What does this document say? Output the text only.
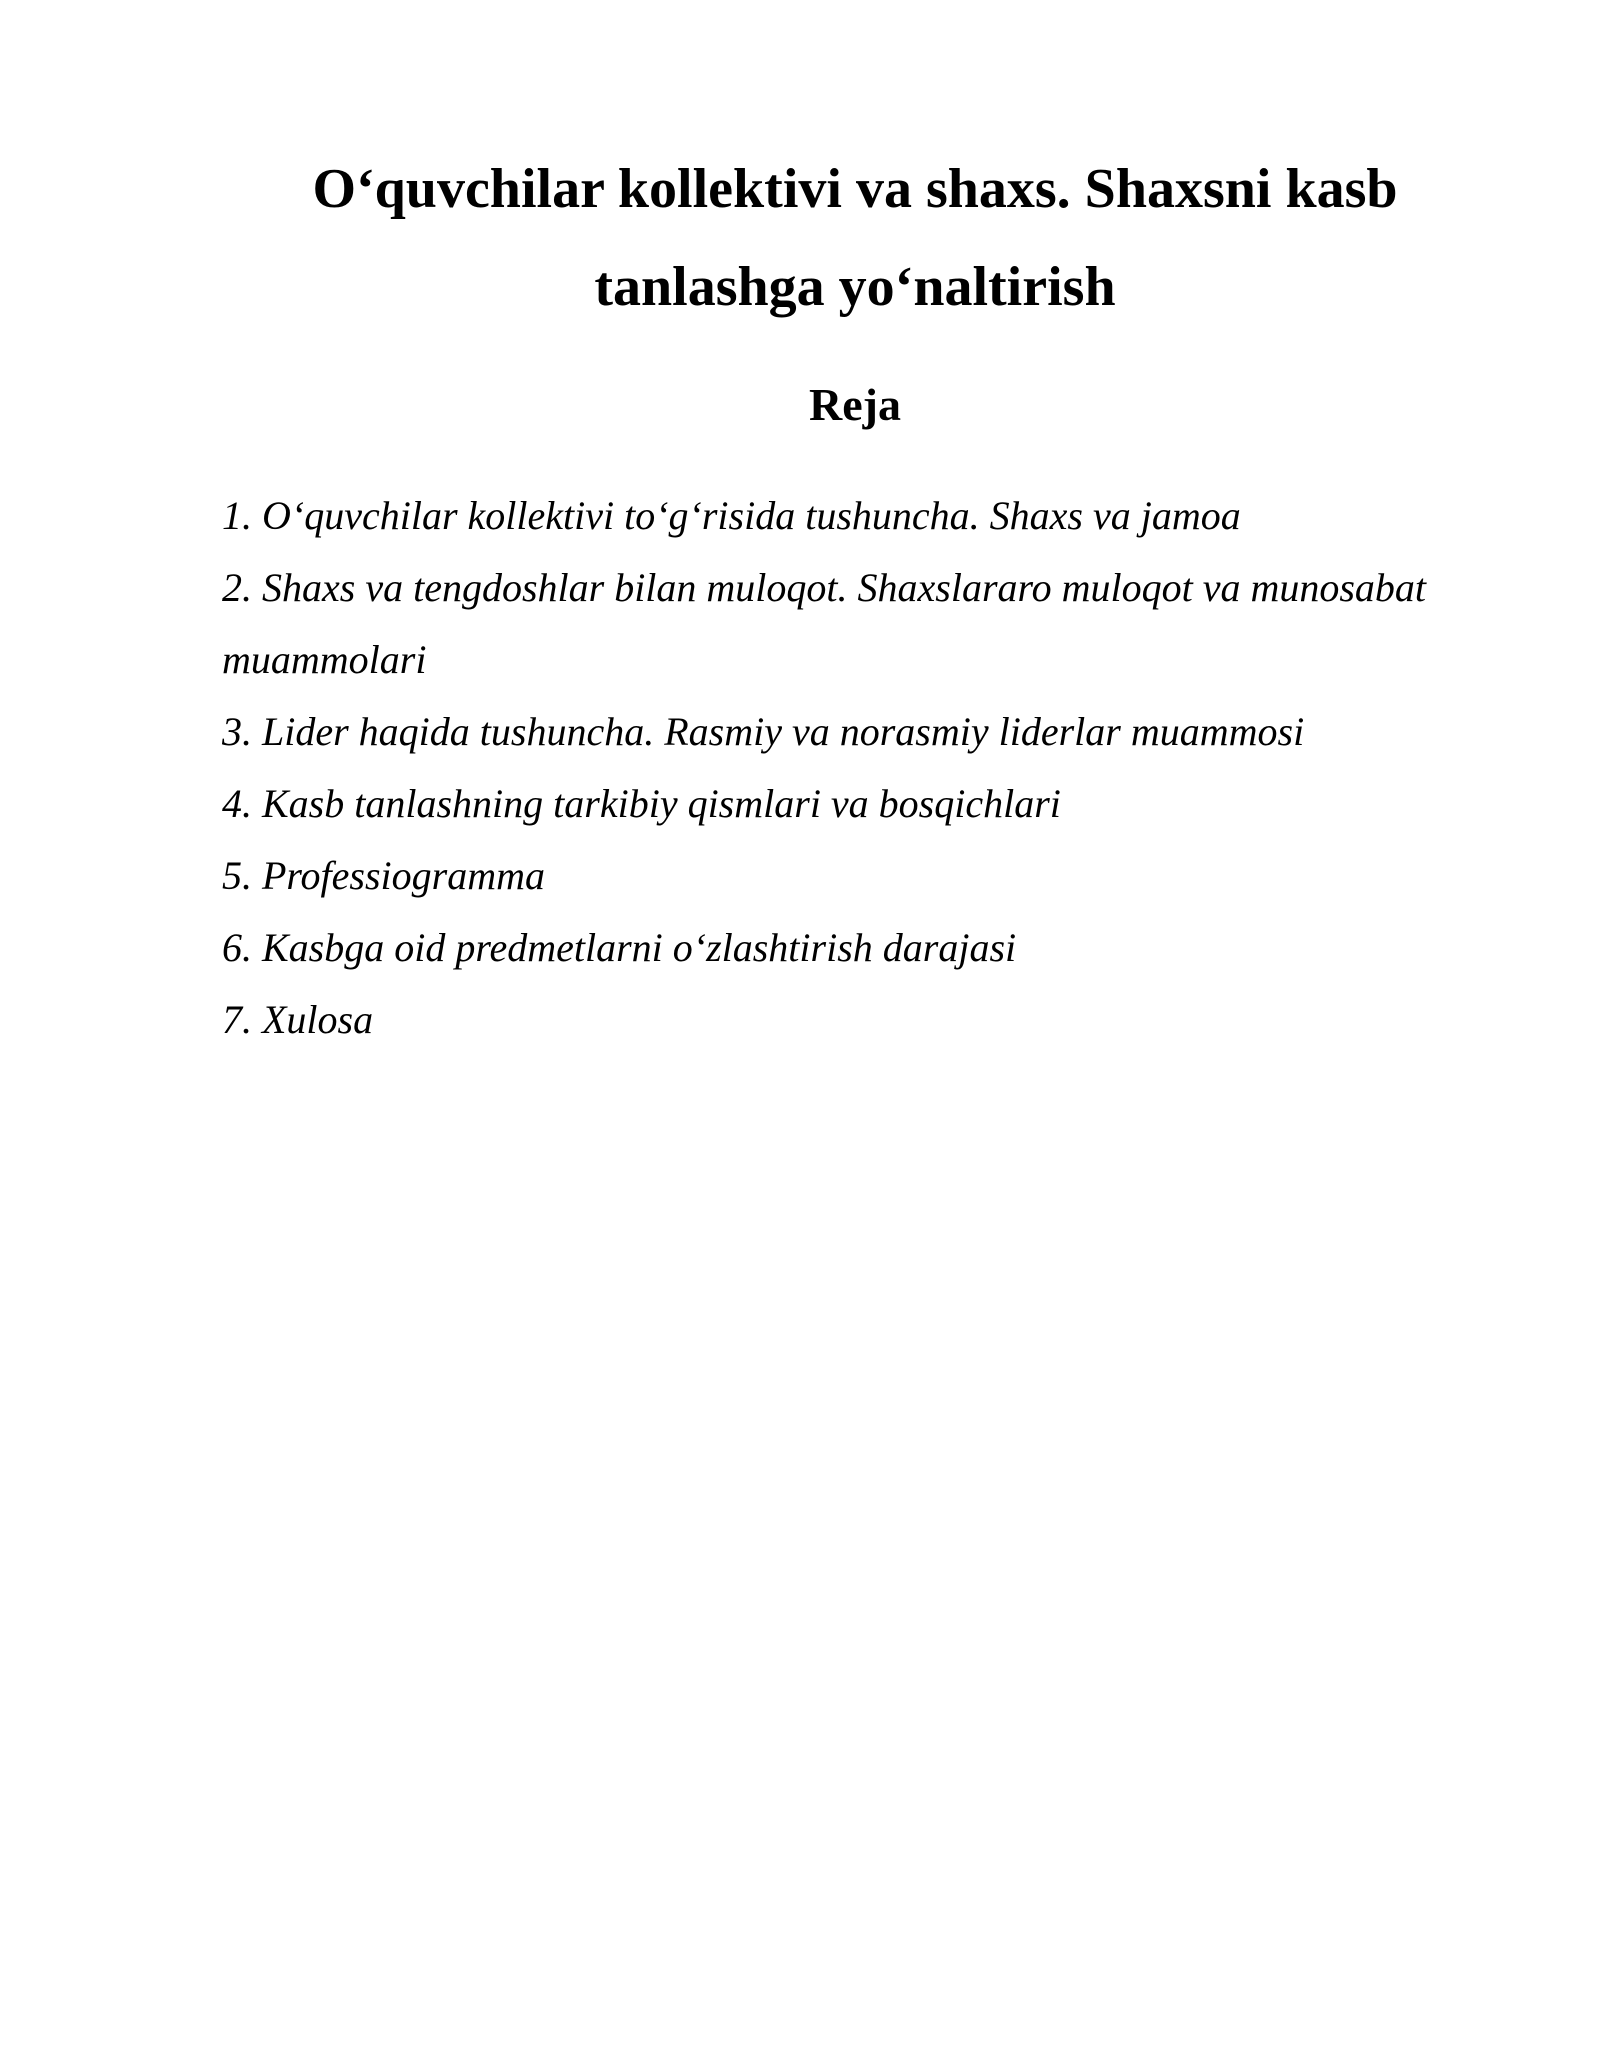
O‘quvchilar kollektivi va shaxs. Shaxsni kasb tanlashga yo‘naltirish
Reja
1. O‘quvchilar kollektivi to‘g‘risida tushuncha. Shaxs va jamoa
2. Shaxs va tengdoshlar bilan muloqot. Shaxslararo muloqot va munosabat muammolari
3. Lider haqida tushuncha. Rasmiy va norasmiy liderlar muammosi
4. Kasb tanlashning tarkibiy qismlari va bosqichlari
5. Professiogramma
6. Kasbga oid predmetlarni o‘zlashtirish darajasi
7. Xulosa
